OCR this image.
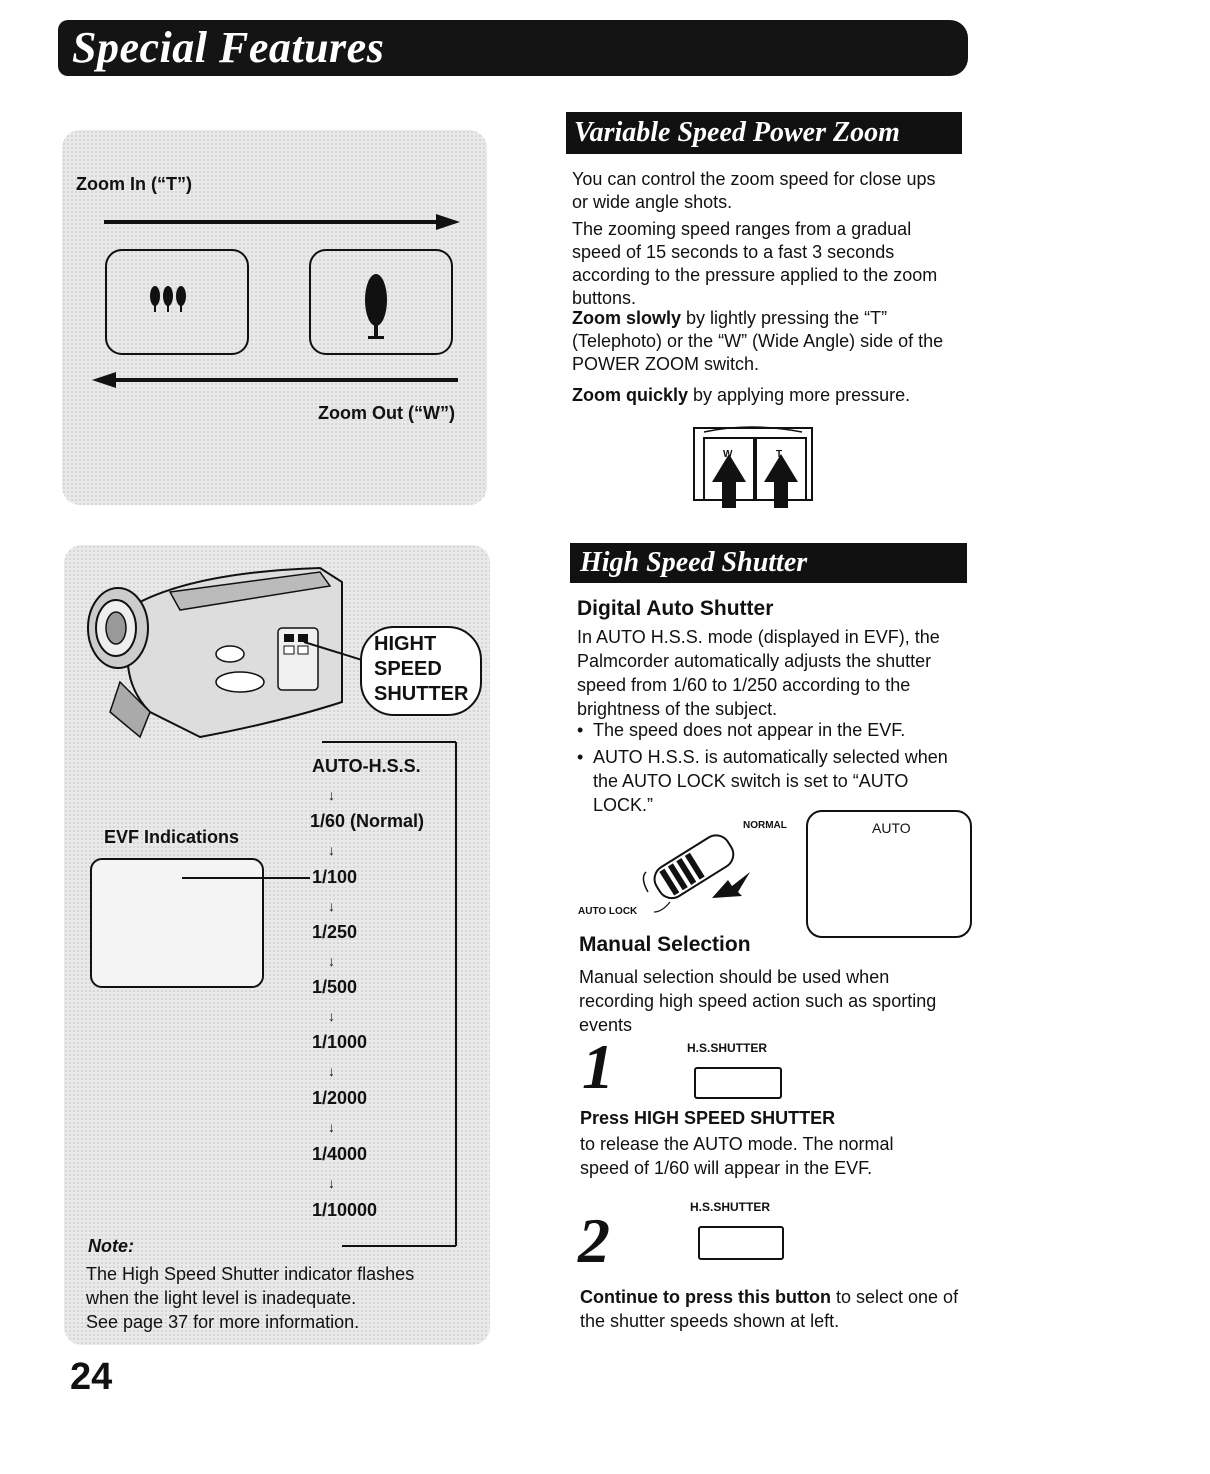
Special Features
Zoom In (“T”)
Zoom Out (“W”)
Variable Speed Power Zoom
You can control the zoom speed for close ups or wide angle shots.
The zooming speed ranges from a gradual speed of 15 seconds to a fast 3 seconds according to the pressure applied to the zoom buttons.
Zoom slowly by lightly pressing the “T” (Telephoto) or the “W” (Wide Angle) side of the POWER ZOOM switch.
Zoom quickly by applying more pressure.
W	T
HIGHT
SPEED
SHUTTER
AUTO-H.S.S.
↓
1/60 (Normal)
↓
1/100
↓
1/250
↓
1/500
↓
1/1000
↓
1/2000
↓
1/4000
↓
1/10000
EVF Indications
Note:
The High Speed Shutter indicator flashes
when the light level is inadequate.
See page 37 for more information.
High Speed Shutter
Digital Auto Shutter
In AUTO H.S.S. mode (displayed in EVF), the Palmcorder automatically adjusts the shutter speed from 1/60 to 1/250 according to the brightness of the subject.
• The speed does not appear in the EVF.
• AUTO H.S.S. is automatically selected when the AUTO LOCK switch is set to “AUTO LOCK.”
NORMAL
AUTO LOCK
AUTO
Manual Selection
Manual selection should be used when recording high speed action such as sporting events
1	H.S.SHUTTER
Press HIGH SPEED SHUTTER
to release the AUTO mode. The normal speed of 1/60 will appear in the EVF.
2	H.S.SHUTTER
Continue to press this button to select one of the shutter speeds shown at left.
24
